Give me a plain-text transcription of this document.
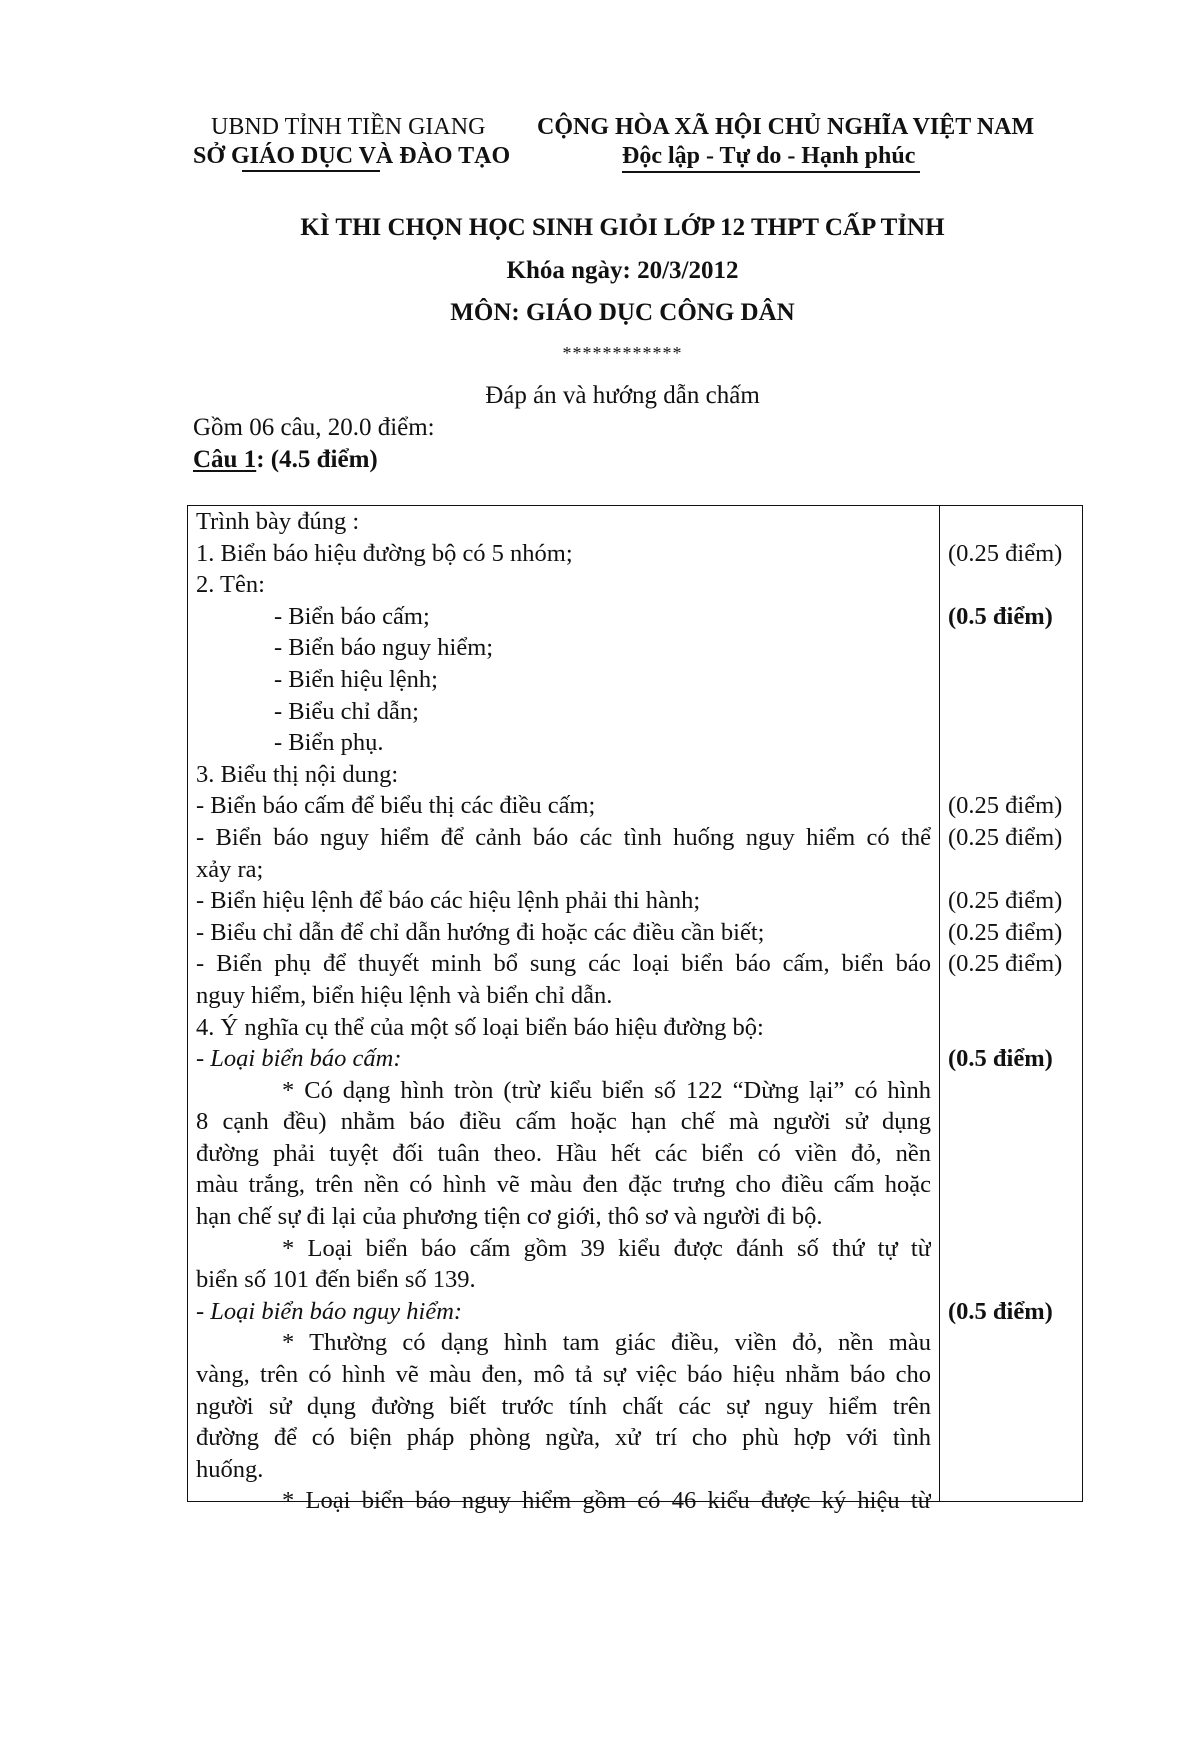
UBND TỈNH TIỀN GIANG
SỞ GIÁO DỤC VÀ ĐÀO TẠO
CỘNG HÒA XÃ HỘI CHỦ NGHĨA VIỆT NAM
Độc lập - Tự do - Hạnh phúc
KÌ THI CHỌN HỌC SINH GIỎI LỚP 12 THPT CẤP TỈNH
Khóa ngày: 20/3/2012
MÔN: GIÁO DỤC CÔNG DÂN
************
Đáp án và hướng dẫn chấm
Gồm 06 câu, 20.0 điểm:
Câu 1: (4.5 điểm)
Trình bày đúng :
1. Biển báo hiệu đường bộ có 5 nhóm;
2. Tên:
- Biển báo cấm;
- Biển báo nguy hiểm;
- Biển hiệu lệnh;
- Biểu chỉ dẫn;
- Biển phụ.
3. Biểu thị nội dung:
- Biển báo cấm để biểu thị các điều cấm;
- Biển báo nguy hiểm để cảnh báo các tình huống nguy hiểm có thể
xảy ra;
- Biển hiệu lệnh để báo các hiệu lệnh phải thi hành;
- Biểu chỉ dẫn để chỉ dẫn hướng đi hoặc các điều cần biết;
- Biển phụ để thuyết minh bổ sung các loại biển báo cấm, biển báo
nguy hiểm, biển hiệu lệnh và biển chỉ dẫn.
4. Ý nghĩa cụ thể của một số loại biển báo hiệu đường bộ:
- Loại biển báo cấm:
* Có dạng hình tròn (trừ kiểu biển số 122 “Dừng lại” có hình
8 cạnh đều) nhằm báo điều cấm hoặc hạn chế mà người sử dụng
đường phải tuyệt đối tuân theo. Hầu hết các biển có viền đỏ, nền
màu trắng, trên nền có hình vẽ màu đen đặc trưng cho điều cấm hoặc
hạn chế sự đi lại của phương tiện cơ giới, thô sơ và người đi bộ.
* Loại biển báo cấm gồm 39 kiểu được đánh số thứ tự từ
biển số 101 đến biển số 139.
- Loại biển báo nguy hiểm:
* Thường có dạng hình tam giác điều, viền đỏ, nền màu
vàng, trên có hình vẽ màu đen, mô tả sự việc báo hiệu nhằm báo cho
người sử dụng đường biết trước tính chất các sự nguy hiểm trên
đường để có biện pháp phòng ngừa, xử trí cho phù hợp với tình
huống.
* Loại biển báo nguy hiểm gồm có 46 kiểu được ký hiệu từ
(0.25 điểm)
(0.5 điểm)
(0.25 điểm)
(0.25 điểm)
(0.25 điểm)
(0.25 điểm)
(0.25 điểm)
(0.5 điểm)
(0.5 điểm)
